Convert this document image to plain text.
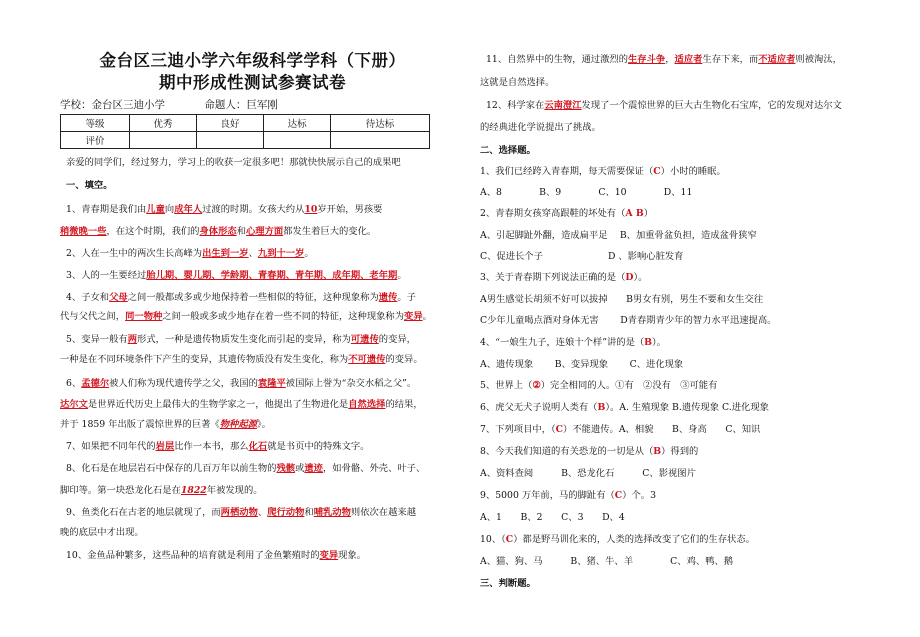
金台区三迪小学六年级科学学科（下册）
期中形成性测试参赛试卷
等级	优秀	良好	达标	待达标
评价				
亲爱的同学们，经过努力，学习上的收获一定很多吧！那就快快展示自己的成果吧
一、填空。
1、青春期是我们由儿童向成年人过渡的时期。女孩大约从10岁开始，男孩要
稍微晚一些，在这个时期，我们的身体形态和心理方面都发生着巨大的变化。
2、人在一生中的两次生长高峰为出生到一岁、九到十一岁。
3、人的一生要经过胎儿期、婴儿期、学龄期、青春期、青年期、成年期、老年期。
4、子女和父母之间一般都或多或少地保持着一些相似的特征，这种现象称为遗传。子
代与父代之间，同一物种之间一般或多或少地存在着一些不同的特征，这种现象称为变异。
5、变异一般有两形式，一种是遗传物质发生变化而引起的变异，称为可遗传的变异，
一种是在不同环境条件下产生的变异，其遗传物质没有发生变化，称为不可遗传的变异。
6、孟德尔被人们称为现代遗传学之父，我国的袁隆平被国际上誉为“杂交水稻之父”。
达尔文是世界近代历史上最伟大的生物学家之一，他提出了生物进化是自然选择的结果，
并于 1859 年出版了震惊世界的巨著《物种起源》。
7、如果把不同年代的岩层比作一本书，那么化石就是书页中的特殊文字。
8、化石是在地层岩石中保存的几百万年以前生物的残骸或遗迹，如骨骼、外壳、叶子、
脚印等。第一块恐龙化石是在1822年被发现的。
9、鱼类化石在古老的地层就现了，而两栖动物、爬行动物和哺乳动物则依次在越来越
晚的底层中才出现。
10、金鱼品种繁多，这些品种的培育就是利用了金鱼繁殖时的变异现象。
学校：金台区三迪小学	命题人：巨军刚
11、自然界中的生物，通过激烈的生存斗争，适应者生存下来，而不适应者则被淘汰，
这就是自然选择。
12、科学家在云南澄江发现了一个震惊世界的巨大古生物化石宝库，它的发现对达尔文
的经典进化学说提出了挑战。
二、选择题。
1、我们已经跨入青春期，每天需要保证（C）小时的睡眠。
A、8　　　　B、9　　　　C、10　　　　D、11
2、青春期女孩穿高跟鞋的坏处有（A B）
A、引起脚趾外翻，造成扁平足　 B、加重骨盆负担，造成盆骨狭窄
C、促进长个子　　　　　　　D 、影响心脏发育
3、关于青春期下列说法正确的是（D）。
A男生感觉长胡须不好可以拔掉　　B男女有别，男生不要和女生交往
C少年儿童喝点酒对身体无害　　 D青春期青少年的智力水平迅速提高。
4、“一娘生九子，连娘十个样”讲的是（B）。
A、遗传现象　　 B、变异现象　　 C、进化现象
5、世界上（②）完全相同的人。①有　②没有　③可能有
6、虎父无犬子说明人类有（B）。A. 生殖现象 B.遗传现象 C.进化现象
7、下列项目中，（C）不能遗传。A、相貌　　B、身高　　C、知识
8、今天我们知道的有关恐龙的一切是从（B）得到的
A、资料查阅　　　B、恐龙化石　　　C、影视图片
9、5000 万年前，马的脚趾有（C）个。3
A、1　　B、2　　C、3　　D、4
10、（C）都是野马训化来的，人类的选择改变了它们的生存状态。
A、猫、狗、马　　　B、猪、牛、羊　　　　C、鸡、鸭、鹅
三、判断题。
